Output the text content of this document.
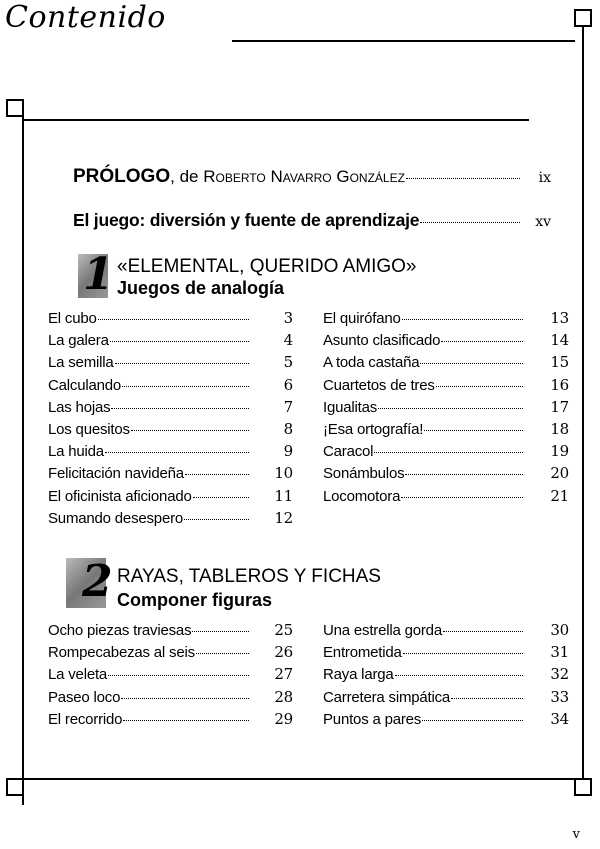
Contenido
PRÓLOGO , de Roberto Navarro González	ix
El juego: diversión y fuente de aprendizaje	xv
1 «ELEMENTAL, QUERIDO AMIGO»
Juegos de analogía
El cubo	3
La galera	4
La semilla	5
Calculando	6
Las hojas	7
Los quesitos	8
La huida	9
Felicitación navideña	10
El oficinista aficionado	11
Sumando desespero	12
El quirófano	13
Asunto clasificado	14
A toda castaña	15
Cuartetos de tres	16
Igualitas	17
¡Esa ortografía!	18
Caracol	19
Sonámbulos	20
Locomotora	21
2 RAYAS, TABLEROS Y FICHAS
Componer figuras
Ocho piezas traviesas	25
Rompecabezas al seis	26
La veleta	27
Paseo loco	28
El recorrido	29
Una estrella gorda	30
Entrometida	31
Raya larga	32
Carretera simpática	33
Puntos a pares	34
v
